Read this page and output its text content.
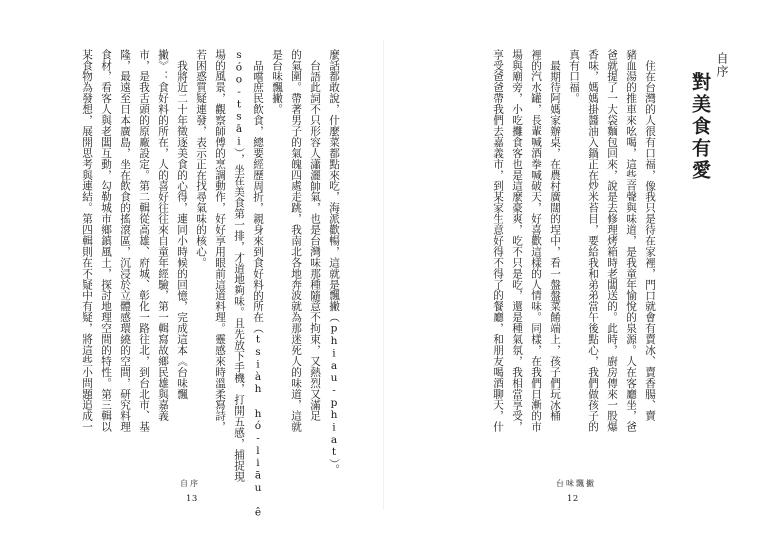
麼話都敢說，什麼菜都點來吃，海派歡暢，這就是飄撇（phiau-phiat）。
台語此詞不只形容人瀟灑帥氣，也是台灣味那種隨意不拘束，又熱烈又滿足
的氣圍。帶著男子的氣魄四處走跳，我南北各地奔波就為那迷死人的味道，這就
是台味飄撇。
品嚐庶民飲食，總要經歷周折，親身來到食好料的所在（tsiàh hó-liāu ê
sóo-tsāi），坐在美食第一排，才道地夠味。且先放下手機，打開五感，捕捉現
場的風景，觀察師傅的烹調動作，好好享用眼前這道料理。靈感來時溫柔寫詩，
若困惑質疑連發，表示正在找尋氣味的核心。
我將近二十年徵逐美食的心得，連同小時候的回憶，完成這本《台味飄
撇》：食好料的所在，人的喜好往往來自童年經驗，第一輯寫故鄉民雄與嘉義
市，是我舌頭的原廠設定。第二輯從高雄、府城、彰化一路往北，到台北市、基
隆，最遠至日本廣島，坐在飲食的搖滾區，沉浸於立體感環繞的空間，研究料理
食材，看客人與老闆互動，勾勒城市鄉鎮風土，探討地理空間的特性。第三輯以
某食物為發想，展開思考與連結。第四輯則在不疑中有疑，將這些小問題追成一
自序
13
自序
對美食有愛
住在台灣的人很有口福，像我只是待在家裡，門口就會有賣冰、賣香腸、賣
豬血湯的推車來吆喝，這些音聲與味道，是我童年愉悅的泉源。人在客廳坐，爸
爸就提了一大袋麵包回來，說是去修理烤箱時老闆送的。此時，廚房傳來一股爆
香味，媽媽掛醬油入鍋正在炒米苔目，要給我和弟弟當午後點心，我們做孩子的
真有口福。
最期待阿媽家辦桌，在農村廣闊的埕中，看一盤盤菜餚端上，孩子們玩冰桶
裡的汽水罐，長輩喊酒拳喊破天，好喜歡這樣的人情味。同樣，在我們日漸的市
場與廟旁，小吃攤食客也是這麼豪爽，吃不只是吃，還是種氣氛，我相當享受，
享受爸爸帶我們去嘉義市，到某家生意好得不得了的餐廳，和朋友喝酒聊天，什
台味飄撇
12
